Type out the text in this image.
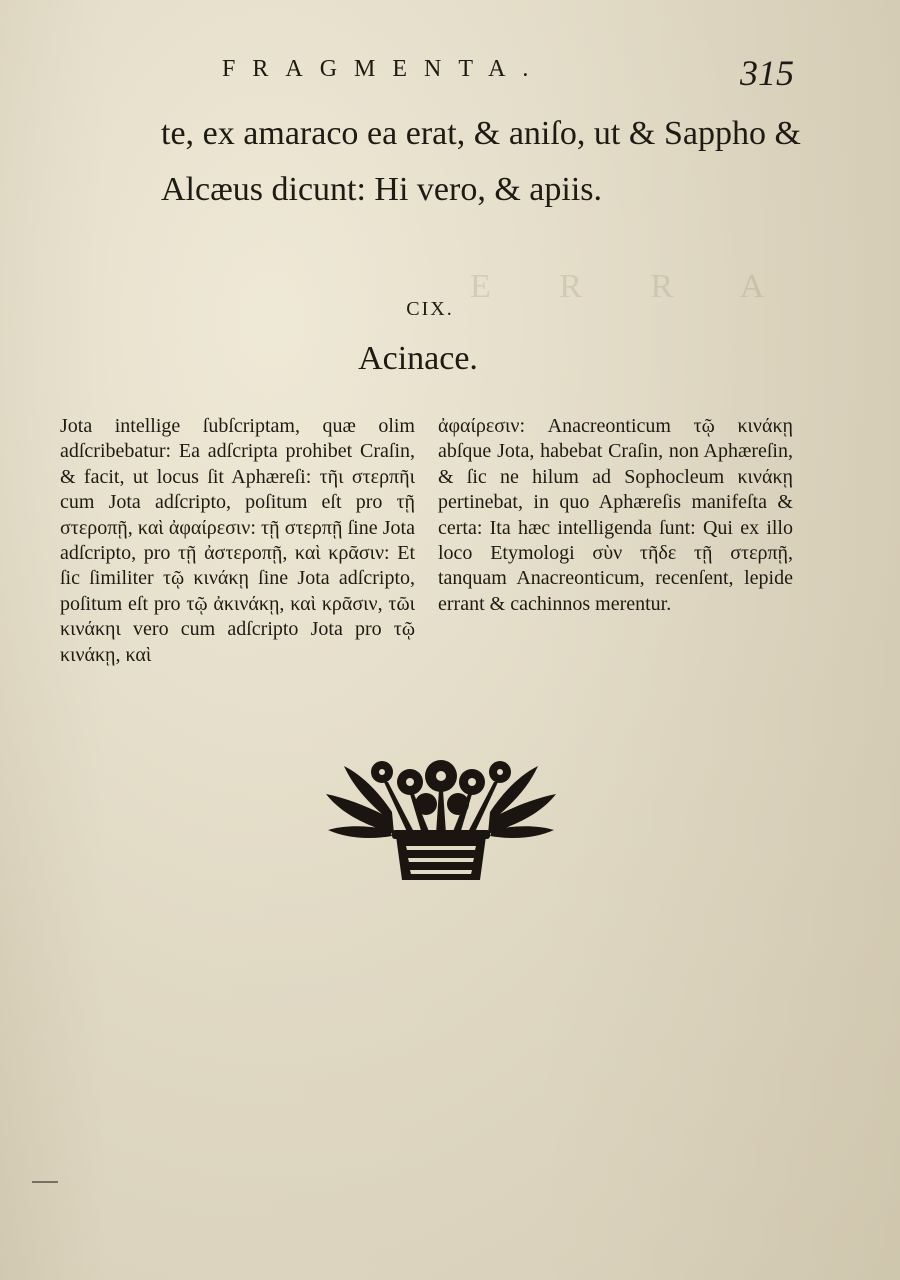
E R R A
FRAGMENTA.	315

te, ex amaraco ea erat, & aniſo, ut & Sappho & Alcæus dicunt: Hi vero, & apiis.

CIX.
Acinace.

Jota intellige ſubſcriptam, quæ olim adſcribebatur: Ea adſcripta prohibet Craſin, & facit, ut locus ſit Aphæreſi: τῆι στερπῆι cum Jota adſcripto, poſitum eſt pro τῇ στεροπῇ, καὶ ἀφαίρεσιν: τῇ στερπῇ ſine Jota adſcripto, pro τῇ ἀστεροπῇ, καὶ κρᾶσιν: Et ſic ſimiliter τῷ κινάκῃ ſine Jota adſcripto, poſitum eſt pro τῷ ἀκινάκῃ, καὶ κρᾶσιν, τῶι κινάκηι vero cum adſcripto Jota pro τῷ κινάκῃ, καὶ

ἀφαίρεσιν: Anacreonticum τῷ κινάκῃ abſque Jota, habebat Craſin, non Aphæreſin, & ſic ne hilum ad Sophocleum κινάκῃ pertinebat, in quo Aphæreſis manifeſta & certa: Ita hæc intelligenda ſunt: Qui ex illo loco Etymologi σὺν τῆδε τῇ στερπῇ, tanquam Anacreonticum, recenſent, lepide errant & cachinnos merentur.
